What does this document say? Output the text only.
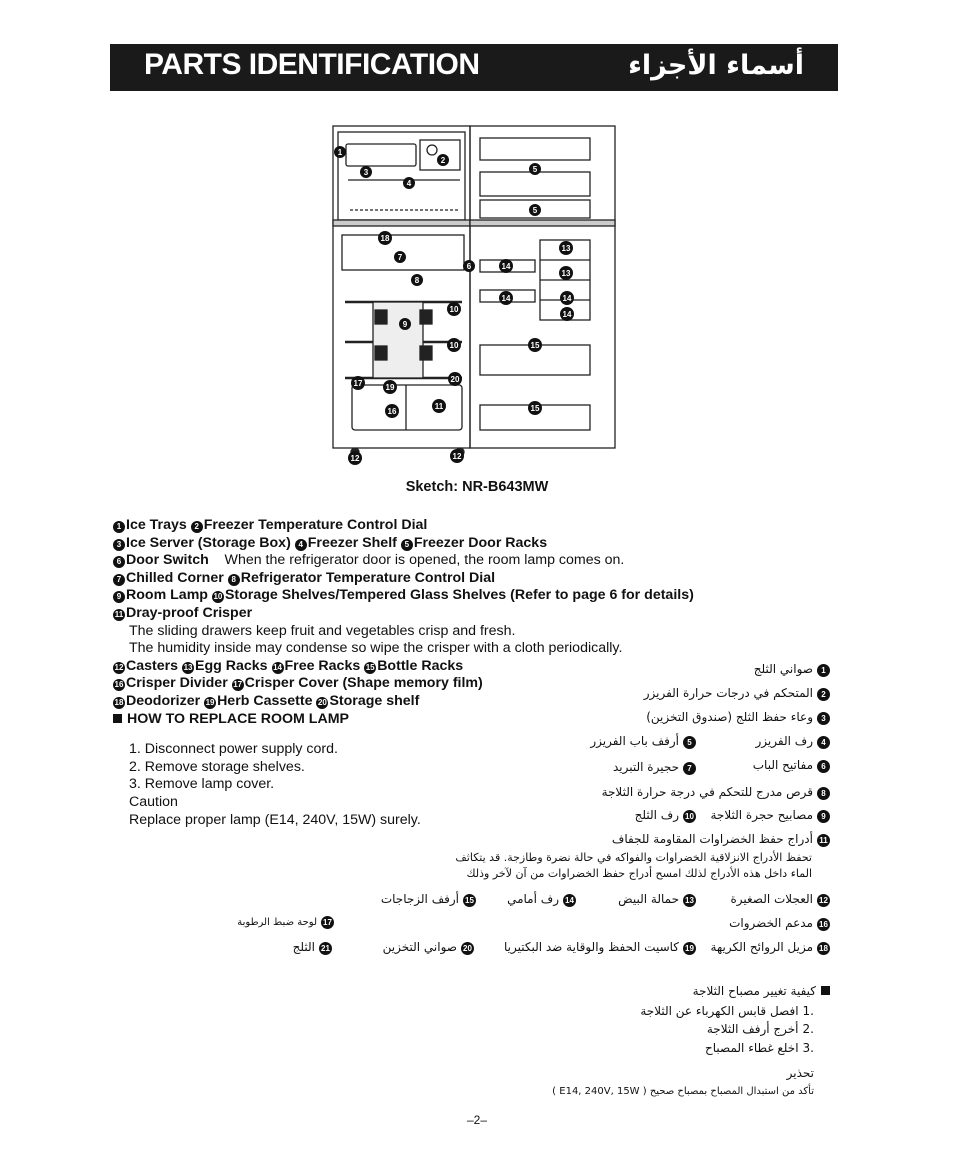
PARTS IDENTIFICATION	أسماء الأجزاء
1
2
3
4
5
5
18
7
6
8
13
13
14
14	14
14
10
10
9
15
15
17	19
20
16
11
12	12
Sketch: NR-B643MW
1 Ice Trays 2 Freezer Temperature Control Dial
3 Ice Server (Storage Box) 4 Freezer Shelf 5 Freezer Door Racks
6 Door Switch When the refrigerator door is opened, the room lamp comes on.
7 Chilled Corner 8 Refrigerator Temperature Control Dial
9 Room Lamp 10 Storage Shelves/Tempered Glass Shelves (Refer to page 6 for details)
11 Dray-proof Crisper
The sliding drawers keep fruit and vegetables crisp and fresh.
The humidity inside may condense so wipe the crisper with a cloth periodically.
12 Casters 13 Egg Racks 14 Free Racks 15 Bottle Racks
16 Crisper Divider 17 Crisper Cover (Shape memory film)
18 Deodorizer 19 Herb Cassette 20 Storage shelf
HOW TO REPLACE ROOM LAMP
1. Disconnect power supply cord.
2. Remove storage shelves.
3. Remove lamp cover.
Caution
Replace proper lamp (E14, 240V, 15W) surely.
1صواني الثلج
2المتحكم في درجات حرارة الفريزر
3وعاء حفظ الثلج (صندوق التخزين)
4رف الفريزر
5أرفف باب الفريزر
6مفاتيح الباب
7حجيرة التبريد
8قرص مدرج للتحكم في درجة حرارة الثلاجة
9مصابيح حجرة الثلاجة
10رف الثلج
11أدراج حفظ الخضراوات المقاومة للجفاف
تحفظ الأدراج الانزلاقية الخضراوات والفواكه في حالة نضرة وطازجة. قد يتكاثف
الماء داخل هذه الأدراج لذلك امسح أدراج حفظ الخضراوات من آن لآخر وذلك
12العجلات الصغيرة
13حمالة البيض
14رف أمامي
15أرفف الزجاجات
16مدعم الخضروات
17لوحة ضبط الرطوبة
18مزيل الروائح الكريهة
19كاسيت الحفظ والوقاية ضد البكتيريا
20صواني التخزين
21الثلج
كيفية تغيير مصباح الثلاجة
.1افصل قابس الكهرباء عن الثلاجة
.2أخرج أرفف الثلاجة
.3اخلع غطاء المصباح
تحذير
تأكد من استبدال المصباح بمصباح صحيح ( E14, 240V, 15W )
–2–
